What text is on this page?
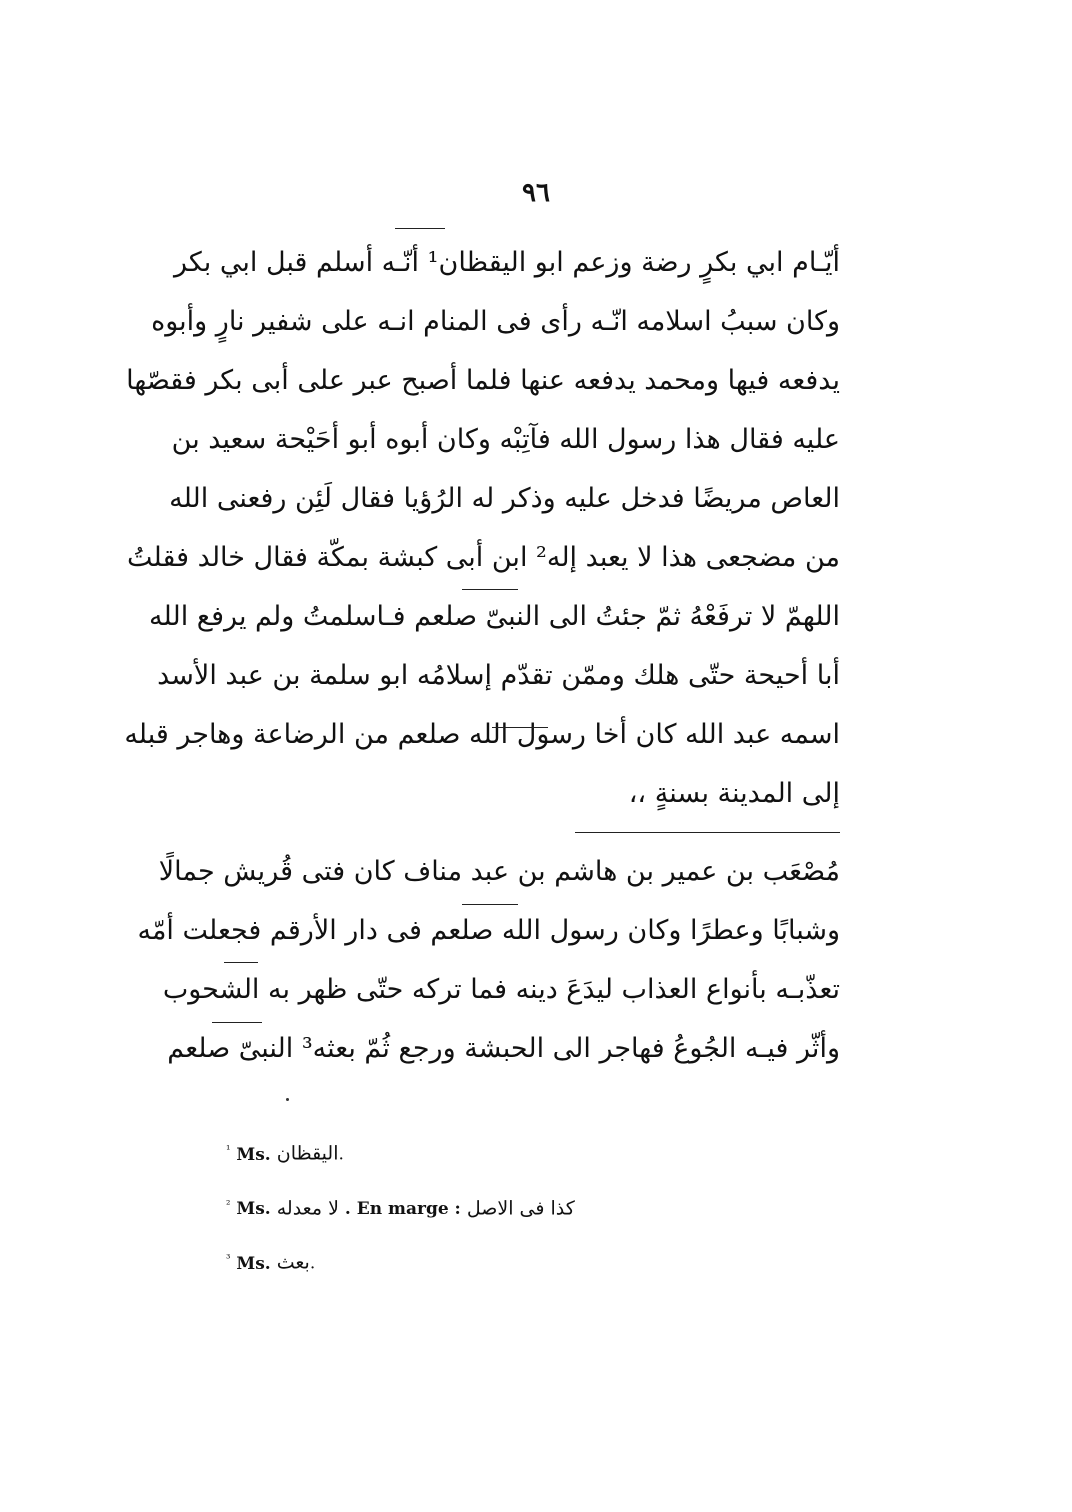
٩٦
أيّـام ابي بكرٍ رضة وزعم ابو اليقظان¹ أنّـه أسلم قبل ابي بكر
وكان سببُ اسلامه انّـه رأى فى المنام انـه على شفير نارٍ وأبوه
يدفعه فيها ومحمد يدفعه عنها فلما أصبح عبر على أبى بكر فقصّها
عليه فقال هذا رسول الله فآتِبْه وكان أبوه أبو أحَيْحة سعيد بن
العاص مريضًا فدخل عليه وذكر له الرُؤيا فقال لَئِن رفعنى الله
من مضجعى هذا لا يعبد إله² ابن أبى كبشة بمكّة فقال خالد فقلتُ
اللهمّ لا ترفَعْهُ ثمّ جئتُ الى النبىّ صلعم فـاسلمتُ ولم يرفع الله
أبا أحيحة حتّى هلك وممّن تقدّم إسلامُه ابو سلمة بن عبد الأسد
اسمه عبد الله كان أخا رسول الله صلعم من الرضاعة وهاجر قبله
إلى المدينة بسنةٍ ،،
مُصْعَب بن عمير بن هاشم بن عبد مناف كان فتى قُريش جمالًا
وشبابًا وعطرًا وكان رسول الله صلعم فى دار الأرقم فجعلت أمّه
تعذّبـه بأنواع العذاب ليدَعَ دينه فما تركه حتّى ظهر به الشحوب
وأثّر فيـه الجُوعُ فهاجر الى الحبشة ورجع ثُمّ بعثه³ النبىّ صلعم
$^{^1}$ Ms. اليقظان.
$^{^2}$ Ms. لا معدله . En marge : كذا فى الاصل
$^{^3}$ Ms. بعث.
